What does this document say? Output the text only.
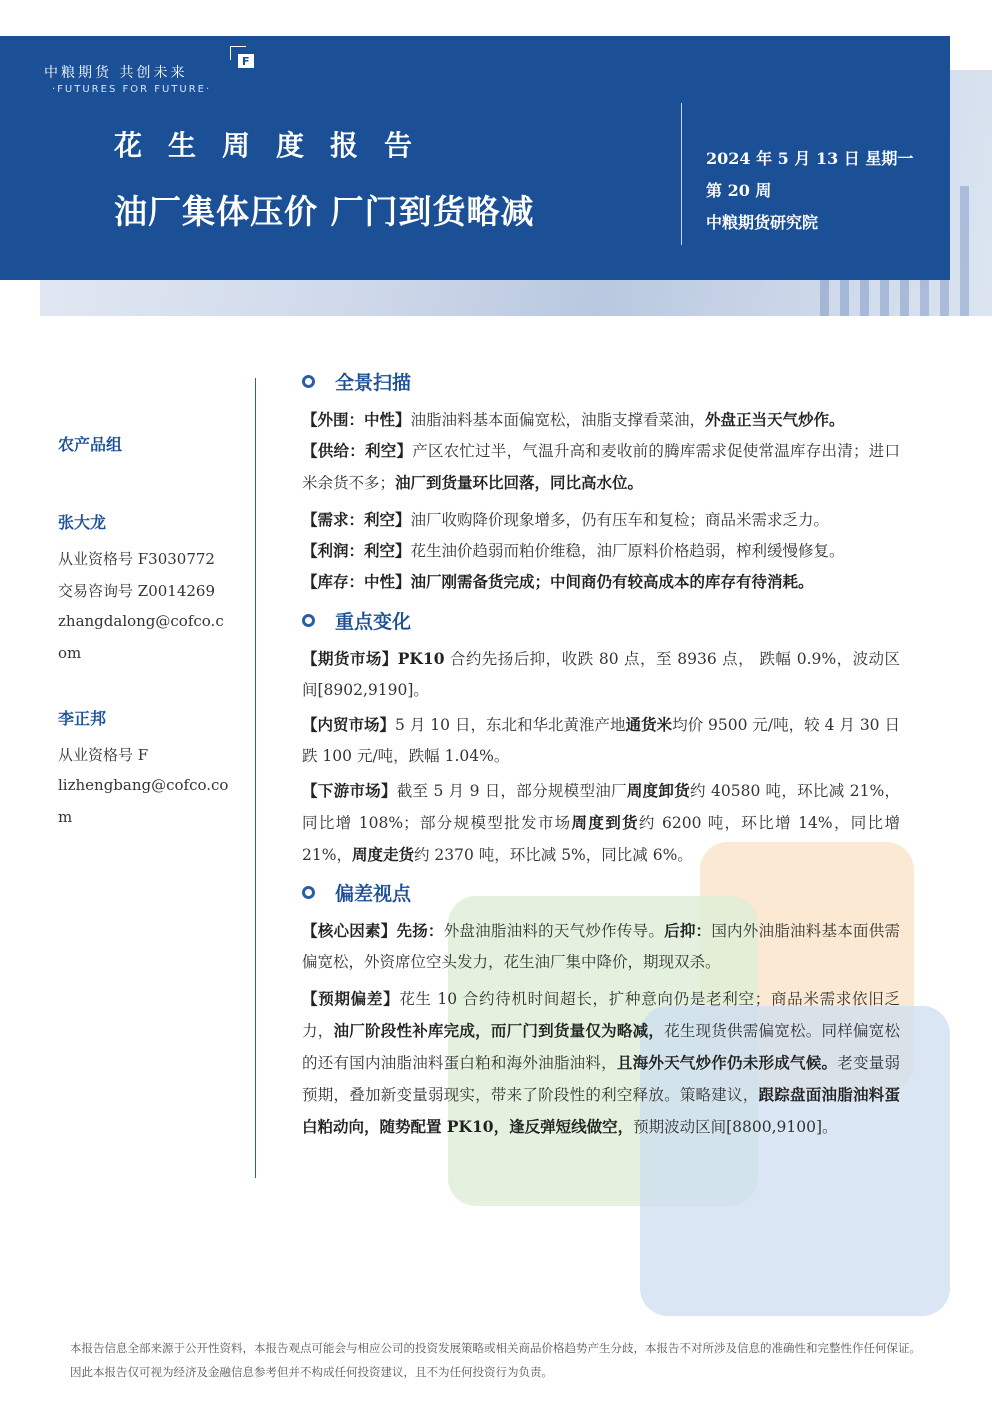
中粮期货 共创未来
·FUTURES FOR FUTURE·
F
花生周度报告
油厂集体压价 厂门到货略减
2024 年 5 月 13 日 星期一
第 20 周
中粮期货研究院
农产品组
张大龙
从业资格号 F3030772
交易咨询号 Z0014269
zhangdalong@cofco.c
om
李正邦
从业资格号 F
lizhengbang@cofco.co
m
全景扫描
【外围：中性】油脂油料基本面偏宽松，油脂支撑看菜油，外盘正当天气炒作。
【供给：利空】产区农忙过半，气温升高和麦收前的腾库需求促使常温库存出清；进口米余货不多；油厂到货量环比回落，同比高水位。
【需求：利空】油厂收购降价现象增多，仍有压车和复检；商品米需求乏力。
【利润：利空】花生油价趋弱而粕价维稳，油厂原料价格趋弱，榨利缓慢修复。
【库存：中性】油厂刚需备货完成；中间商仍有较高成本的库存有待消耗。
重点变化
【期货市场】PK10 合约先扬后抑，收跌 80 点，至 8936 点， 跌幅 0.9%，波动区间[8902,9190]。
【内贸市场】5 月 10 日，东北和华北黄淮产地通货米均价 9500 元/吨，较 4 月 30 日跌 100 元/吨，跌幅 1.04%。
【下游市场】截至 5 月 9 日，部分规模型油厂周度卸货约 40580 吨，环比减 21%，同比增 108%；部分规模型批发市场周度到货约 6200 吨，环比增 14%，同比增 21%，周度走货约 2370 吨，环比减 5%，同比减 6%。
偏差视点
【核心因素】先扬：外盘油脂油料的天气炒作传导。后抑：国内外油脂油料基本面供需偏宽松，外资席位空头发力，花生油厂集中降价，期现双杀。
【预期偏差】花生 10 合约待机时间超长，扩种意向仍是老利空；商品米需求依旧乏力，油厂阶段性补库完成，而厂门到货量仅为略减，花生现货供需偏宽松。同样偏宽松的还有国内油脂油料蛋白粕和海外油脂油料，且海外天气炒作仍未形成气候。老变量弱预期，叠加新变量弱现实，带来了阶段性的利空释放。策略建议，跟踪盘面油脂油料蛋白粕动向，随势配置 PK10，逢反弹短线做空，预期波动区间[8800,9100]。
本报告信息全部来源于公开性资料，本报告观点可能会与相应公司的投资发展策略或相关商品价格趋势产生分歧，本报告不对所涉及信息的准确性和完整性作任何保证。因此本报告仅可视为经济及金融信息参考但并不构成任何投资建议，且不为任何投资行为负责。
